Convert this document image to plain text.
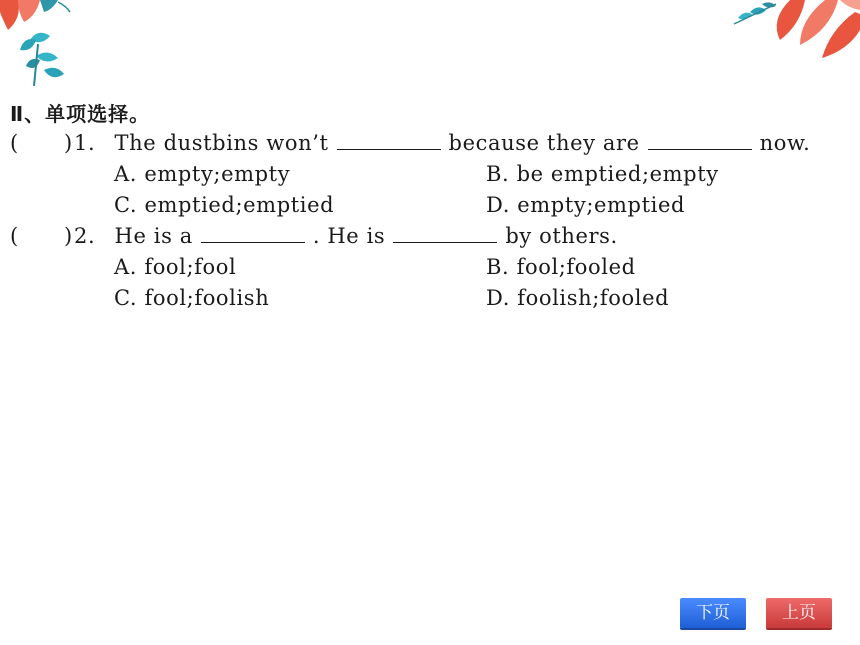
Ⅱ、单项选择。
( ) 1. The dustbins won’t	because they are	now.
A. empty;empty	B. be emptied;empty
C. emptied;emptied	D. empty;emptied
( ) 2. He is a	. He is	by others.
A. fool;fool	B. fool;fooled
C. fool;foolish	D. foolish;fooled
下页	上页
